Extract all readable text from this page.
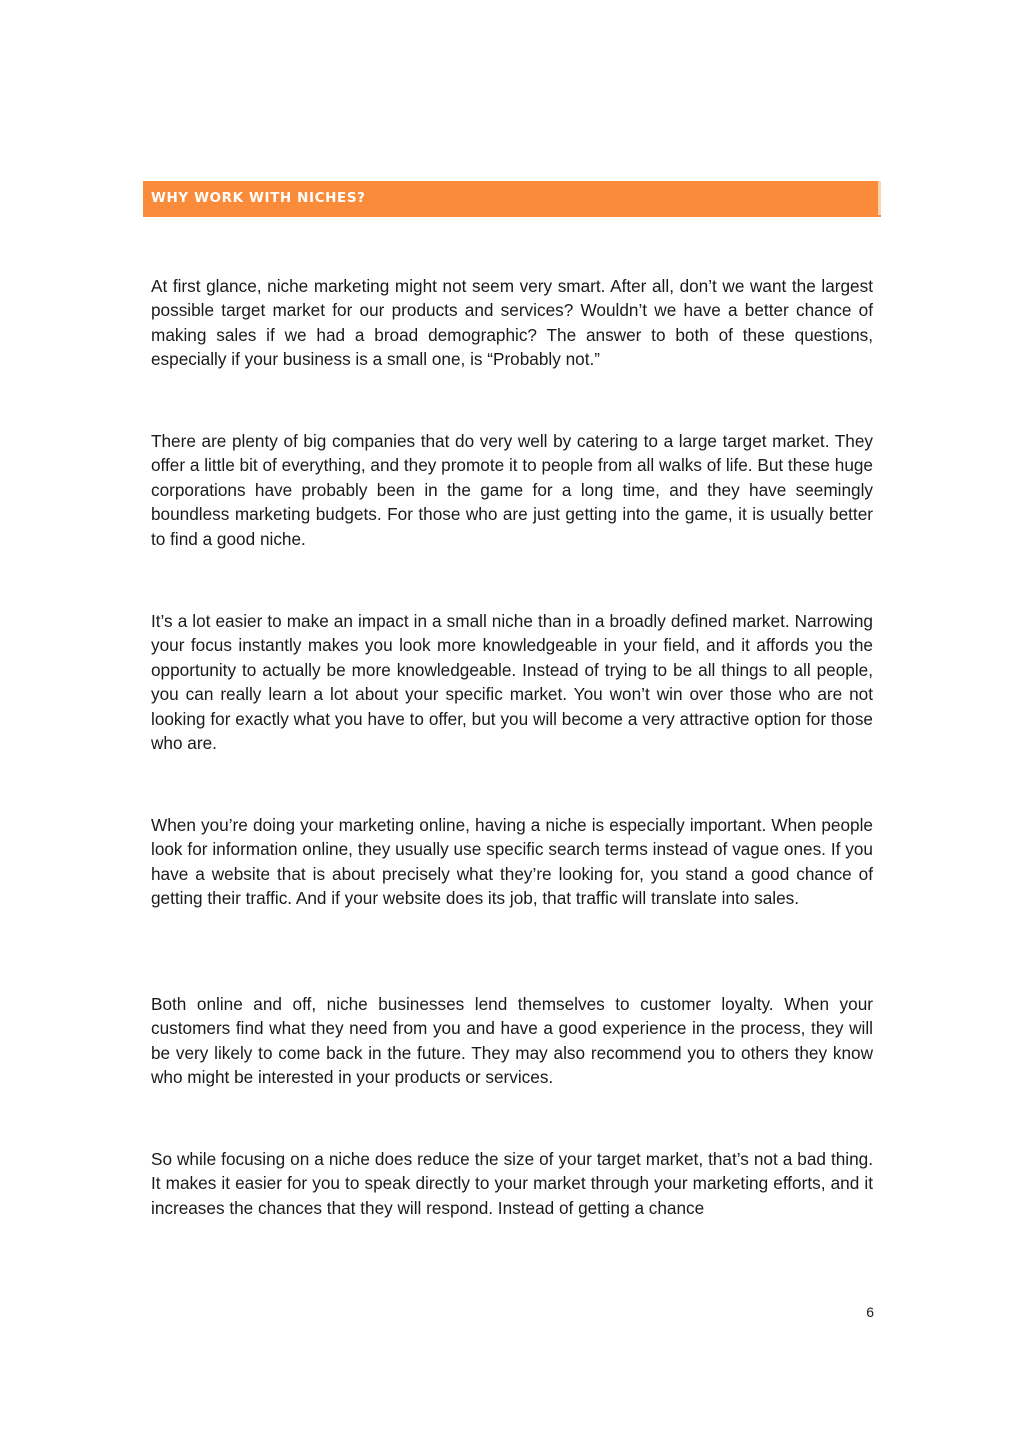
WHY WORK WITH NICHES?

At first glance, niche marketing might not seem very smart. After all, don’t we want the largest possible target market for our products and services? Wouldn’t we have a better chance of making sales if we had a broad demographic? The answer to both of these questions, especially if your business is a small one, is “Probably not.”

There are plenty of big companies that do very well by catering to a large target market. They offer a little bit of everything, and they promote it to people from all walks of life. But these huge corporations have probably been in the game for a long time, and they have seemingly boundless marketing budgets. For those who are just getting into the game, it is usually better to find a good niche.

It’s a lot easier to make an impact in a small niche than in a broadly defined market. Narrowing your focus instantly makes you look more knowledgeable in your field, and it affords you the opportunity to actually be more knowledgeable. Instead of trying to be all things to all people, you can really learn a lot about your specific market. You won’t win over those who are not looking for exactly what you have to offer, but you will become a very attractive option for those who are.

When you’re doing your marketing online, having a niche is especially important. When people look for information online, they usually use specific search terms instead of vague ones. If you have a website that is about precisely what they’re looking for, you stand a good chance of getting their traffic. And if your website does its job, that traffic will translate into sales.

Both online and off, niche businesses lend themselves to customer loyalty. When your customers find what they need from you and have a good experience in the process, they will be very likely to come back in the future. They may also recommend you to others they know who might be interested in your products or services.

So while focusing on a niche does reduce the size of your target market, that’s not a bad thing. It makes it easier for you to speak directly to your market through your marketing efforts, and it increases the chances that they will respond. Instead of getting a chance

6
